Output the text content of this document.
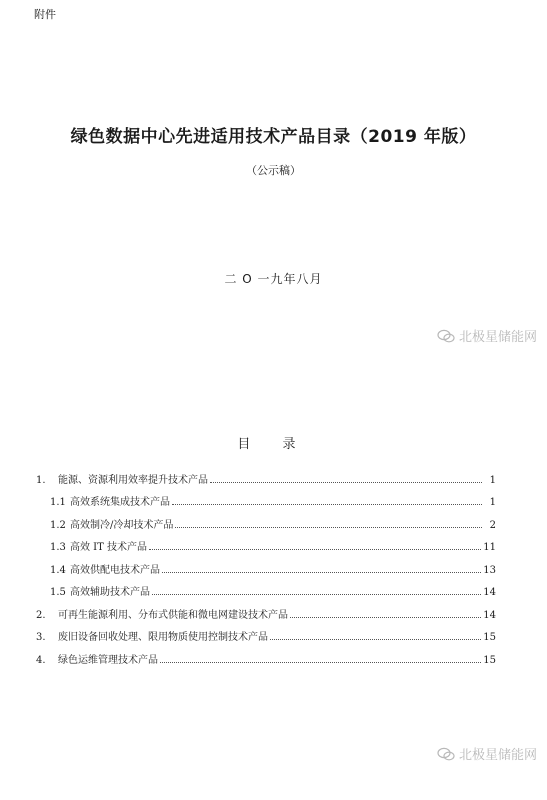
附件
绿色数据中心先进适用技术产品目录（2019 年版）
（公示稿）
二 O 一九年八月
北极星储能网
目 录
1.	能源、资源利用效率提升技术产品	1
1.1 高效系统集成技术产品	1
1.2 高效制冷/冷却技术产品	2
1.3 高效 IT 技术产品	11
1.4 高效供配电技术产品	13
1.5 高效辅助技术产品	14
2.	可再生能源利用、分布式供能和微电网建设技术产品	14
3.	废旧设备回收处理、限用物质使用控制技术产品	15
4.	绿色运维管理技术产品	15
北极星储能网
